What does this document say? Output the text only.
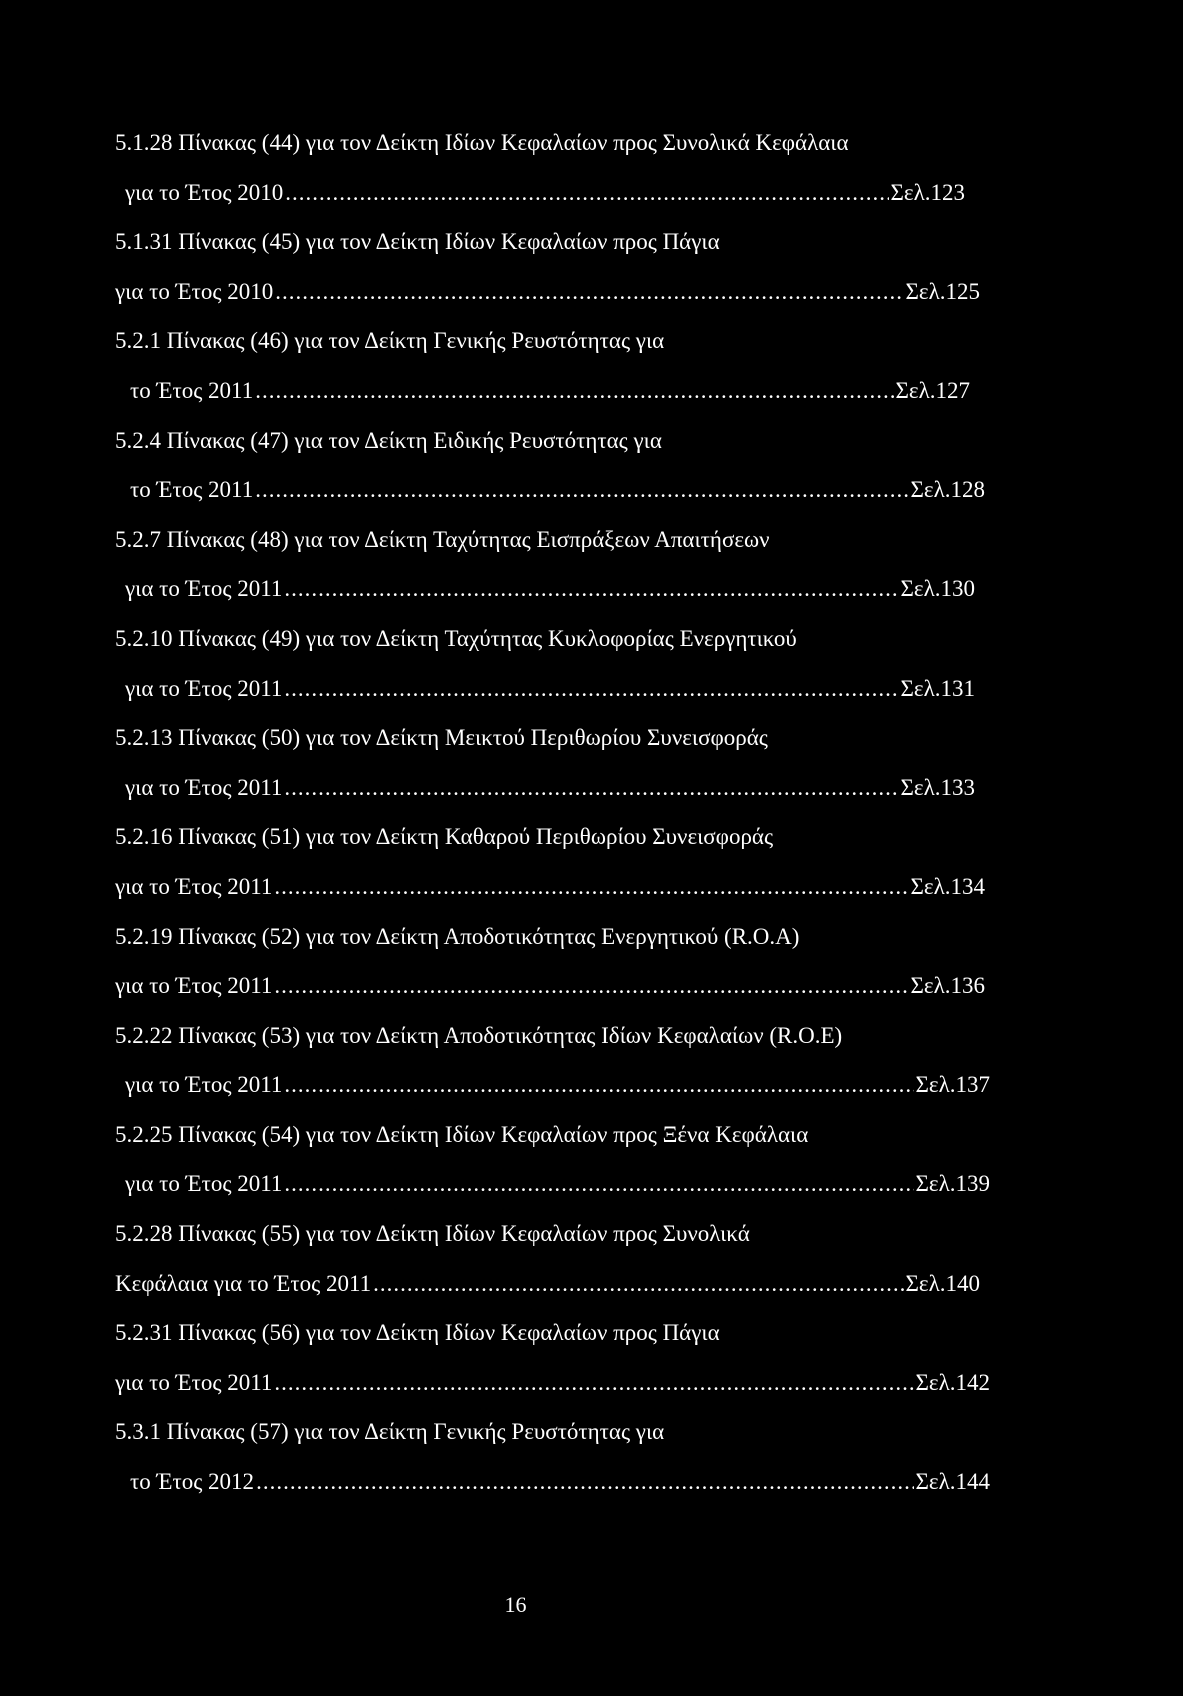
5.1.28 Πίνακας (44) για τον Δείκτη Ιδίων Κεφαλαίων προς Συνολικά Κεφάλαια
για το Έτος 2010 .....	Σελ.123
5.1.31 Πίνακας (45) για τον Δείκτη Ιδίων Κεφαλαίων προς Πάγια
για το Έτος 2010 .....	Σελ.125
5.2.1 Πίνακας (46) για τον Δείκτη Γενικής Ρευστότητας για
το Έτος 2011 .....	Σελ.127
5.2.4 Πίνακας (47) για τον Δείκτη Ειδικής Ρευστότητας για
το Έτος 2011 .....	Σελ.128
5.2.7 Πίνακας (48) για τον Δείκτη Ταχύτητας Εισπράξεων Απαιτήσεων
για το Έτος 2011 .....	Σελ.130
5.2.10 Πίνακας (49) για τον Δείκτη Ταχύτητας Κυκλοφορίας Ενεργητικού
για το Έτος 2011 .....	Σελ.131
5.2.13 Πίνακας (50) για τον Δείκτη Μεικτού Περιθωρίου Συνεισφοράς
για το Έτος 2011 .....	Σελ.133
5.2.16 Πίνακας (51) για τον Δείκτη Καθαρού Περιθωρίου Συνεισφοράς
για το Έτος 2011 .....	Σελ.134
5.2.19 Πίνακας (52) για τον Δείκτη Αποδοτικότητας Ενεργητικού (R.O.A)
για το Έτος 2011 .....	Σελ.136
5.2.22 Πίνακας (53) για τον Δείκτη Αποδοτικότητας Ιδίων Κεφαλαίων (R.O.E)
για το Έτος 2011 .....	Σελ.137
5.2.25 Πίνακας (54) για τον Δείκτη Ιδίων Κεφαλαίων προς Ξένα Κεφάλαια
για το Έτος 2011 .....	Σελ.139
5.2.28 Πίνακας (55) για τον Δείκτη Ιδίων Κεφαλαίων προς Συνολικά
Κεφάλαια για το Έτος 2011 .....	Σελ.140
5.2.31 Πίνακας (56) για τον Δείκτη Ιδίων Κεφαλαίων προς Πάγια
για το Έτος 2011 .....	Σελ.142
5.3.1 Πίνακας (57) για τον Δείκτη Γενικής Ρευστότητας για
το Έτος 2012 .....	Σελ.144
16
